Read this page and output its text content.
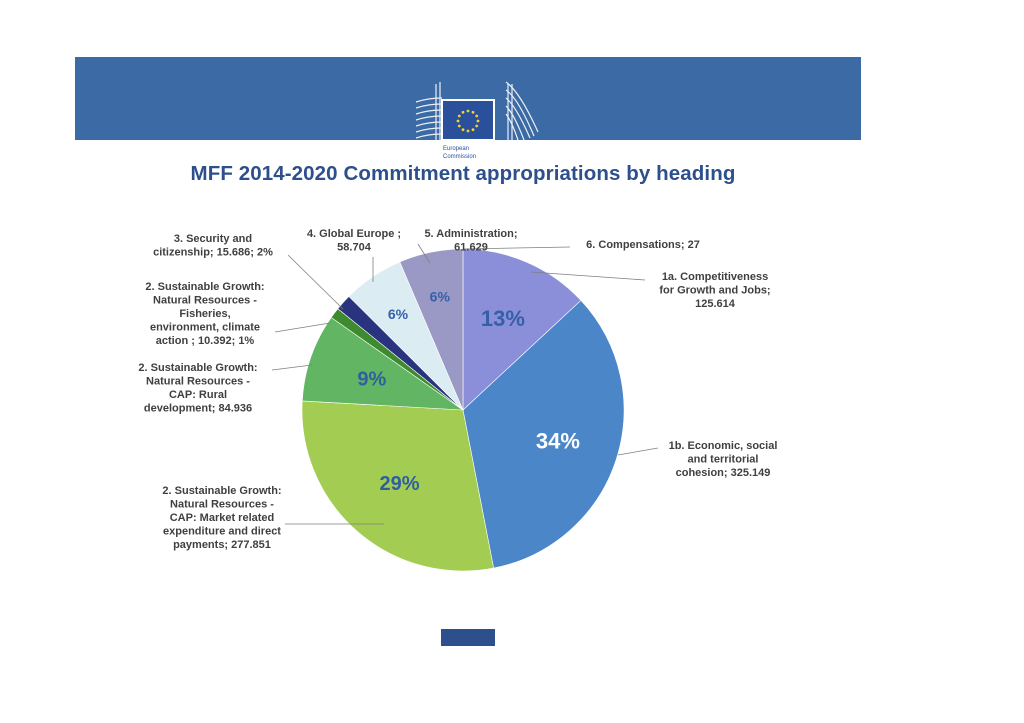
European
Commission
MFF 2014-2020 Commitment appropriations by heading
1a. Competitiveness for Growth and Jobs; 125.614
1b. Economic, social and territorial cohesion; 325.149
2. Sustainable Growth: Natural Resources -CAP: Market related expenditure and direct payments; 277.851
2. Sustainable Growth: Natural Resources -CAP: Rural development; 84.936
2. Sustainable Growth: Natural Resources -Fisheries, environment, climate action ; 10.392; 1%
3. Security and citizenship; 15.686; 2%
4. Global Europe ; 58.704
5. Administration; 61.629	6. Compensations; 27
13%
34%
29%
9%
6%
6%
